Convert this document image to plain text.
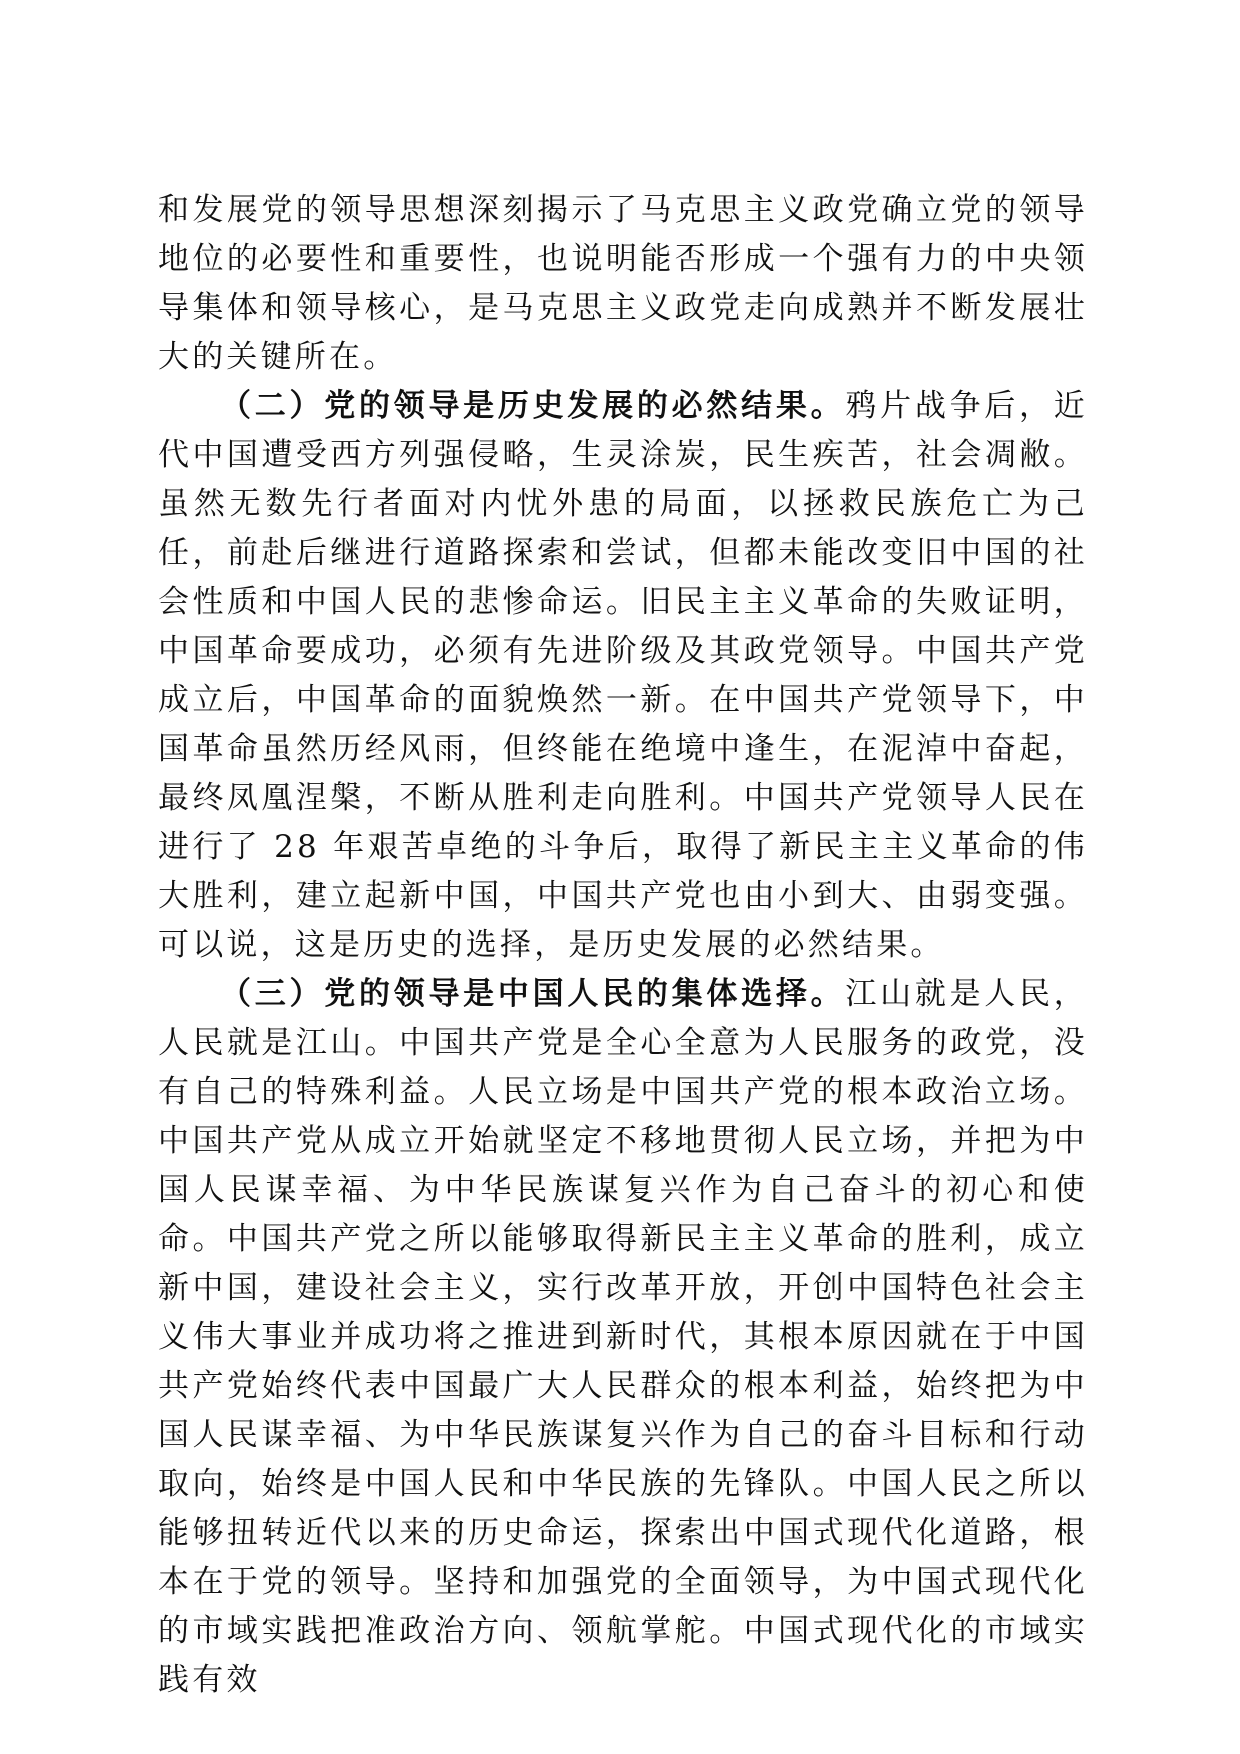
和发展党的领导思想深刻揭示了马克思主义政党确立党的领导地位的必要性和重要性，也说明能否形成一个强有力的中央领导集体和领导核心，是马克思主义政党走向成熟并不断发展壮大的关键所在。

（二）党的领导是历史发展的必然结果。鸦片战争后，近代中国遭受西方列强侵略，生灵涂炭，民生疾苦，社会凋敝。虽然无数先行者面对内忧外患的局面，以拯救民族危亡为己任，前赴后继进行道路探索和尝试，但都未能改变旧中国的社会性质和中国人民的悲惨命运。旧民主主义革命的失败证明，中国革命要成功，必须有先进阶级及其政党领导。中国共产党成立后，中国革命的面貌焕然一新。在中国共产党领导下，中国革命虽然历经风雨，但终能在绝境中逢生，在泥淖中奋起，最终凤凰涅槃，不断从胜利走向胜利。中国共产党领导人民在进行了 28 年艰苦卓绝的斗争后，取得了新民主主义革命的伟大胜利，建立起新中国，中国共产党也由小到大、由弱变强。可以说，这是历史的选择，是历史发展的必然结果。

（三）党的领导是中国人民的集体选择。江山就是人民，人民就是江山。中国共产党是全心全意为人民服务的政党，没有自己的特殊利益。人民立场是中国共产党的根本政治立场。中国共产党从成立开始就坚定不移地贯彻人民立场，并把为中国人民谋幸福、为中华民族谋复兴作为自己奋斗的初心和使命。中国共产党之所以能够取得新民主主义革命的胜利，成立新中国，建设社会主义，实行改革开放，开创中国特色社会主义伟大事业并成功将之推进到新时代，其根本原因就在于中国共产党始终代表中国最广大人民群众的根本利益，始终把为中国人民谋幸福、为中华民族谋复兴作为自己的奋斗目标和行动取向，始终是中国人民和中华民族的先锋队。中国人民之所以能够扭转近代以来的历史命运，探索出中国式现代化道路，根本在于党的领导。坚持和加强党的全面领导，为中国式现代化的市域实践把准政治方向、领航掌舵。中国式现代化的市域实践有效
